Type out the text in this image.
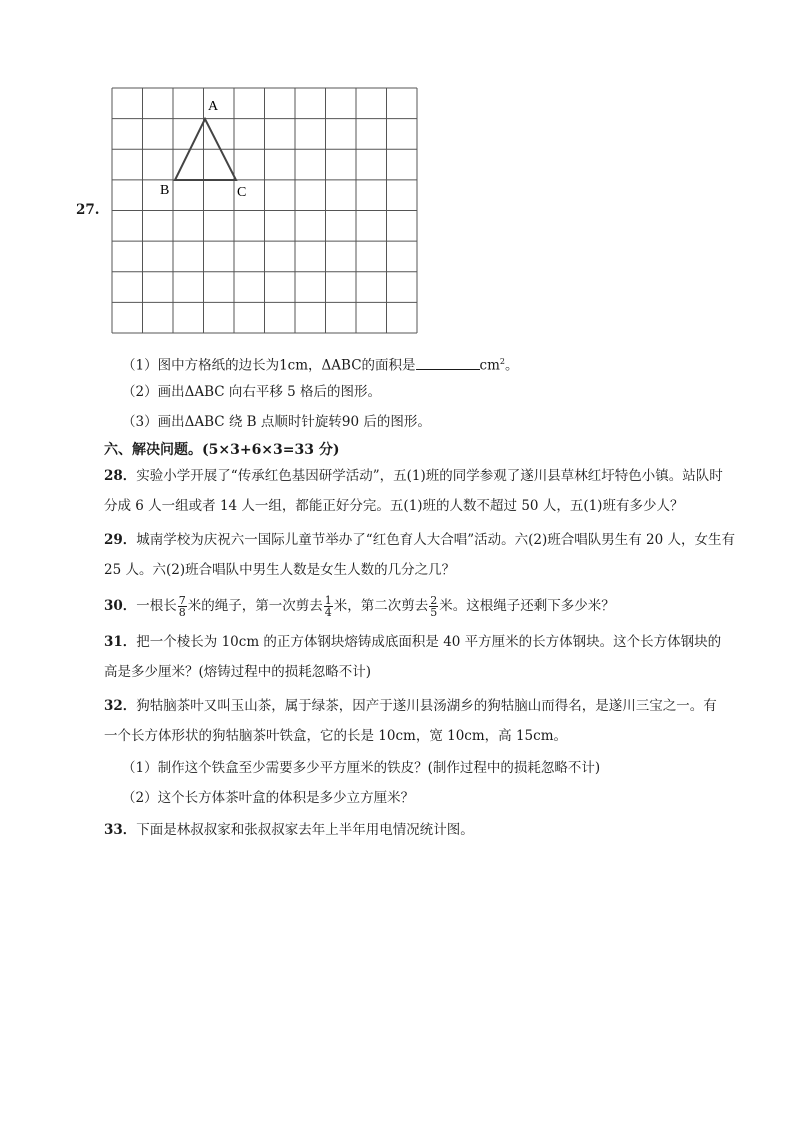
27.
A
B	C
（1）图中方格纸的边长为1cm，ΔABC的面积是	$cm^2$。
（2）画出ΔABC 向右平移 5 格后的图形。
（3）画出ΔABC 绕 B 点顺时针旋转90 后的图形。
六、解决问题。(5×3+6×3=33 分)
28．实验小学开展了“传承红色基因研学活动”，五(1)班的同学参观了遂川县草林红圩特色小镇。站队时
分成 6 人一组或者 14 人一组，都能正好分完。五(1)班的人数不超过 50 人，五(1)班有多少人？
29．城南学校为庆祝六一国际儿童节举办了“红色育人大合唱”活动。六(2)班合唱队男生有 20 人，女生有
25 人。六(2)班合唱队中男生人数是女生人数的几分之几？
30．一根长 $\frac{7}{8}$ 米的绳子，第一次剪去 $\frac{1}{4}$ 米，第二次剪去 $\frac{2}{5}$ 米。这根绳子还剩下多少米？
31．把一个棱长为 10cm 的正方体钢块熔铸成底面积是 40 平方厘米的长方体钢块。这个长方体钢块的
高是多少厘米？(熔铸过程中的损耗忽略不计)
32．狗牯脑茶叶又叫玉山茶，属于绿茶，因产于遂川县汤湖乡的狗牯脑山而得名，是遂川三宝之一。有
一个长方体形状的狗牯脑茶叶铁盒，它的长是 10cm，宽 10cm，高 15cm。
（1）制作这个铁盒至少需要多少平方厘米的铁皮？(制作过程中的损耗忽略不计)
（2）这个长方体茶叶盒的体积是多少立方厘米？
33．下面是林叔叔家和张叔叔家去年上半年用电情况统计图。
